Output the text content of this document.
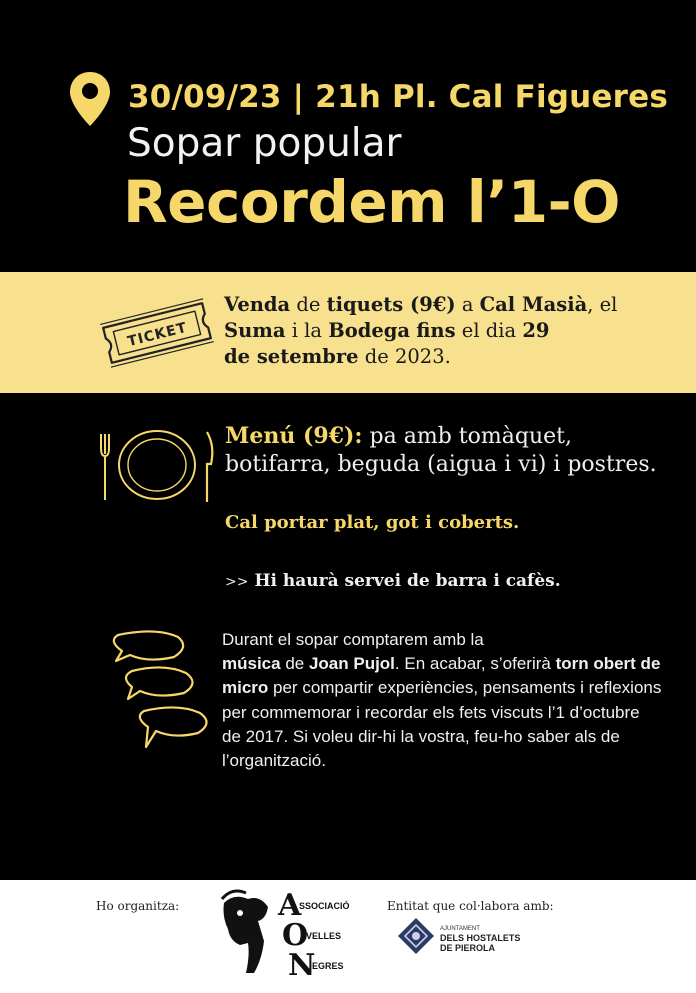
30/09/23 | 21h Pl. Cal Figueres
Sopar popular
Recordem l’1-O
TICKET
Venda de tiquets (9€) a Cal Masià, el Suma i la Bodega fins el dia 29
de setembre de 2023.
Menú (9€): pa amb tomàquet, botifarra, beguda (aigua i vi) i postres.
Cal portar plat, got i coberts.
>> Hi haurà servei de barra i cafès.
Durant el sopar comptarem amb la
música de Joan Pujol. En acabar, s’oferirà torn obert de micro per compartir experiències, pensaments i reflexions per commemorar i recordar els fets viscuts l’1 d’octubre de 2017. Si voleu dir-hi la vostra, feu-ho saber als de l’organització.
Ho organitza:	Entitat que col·labora amb:
A
SSOCIACIÓ
O
VELLES
N
EGRES
AJUNTAMENT
DELS HOSTALETS
DE PIEROLA
